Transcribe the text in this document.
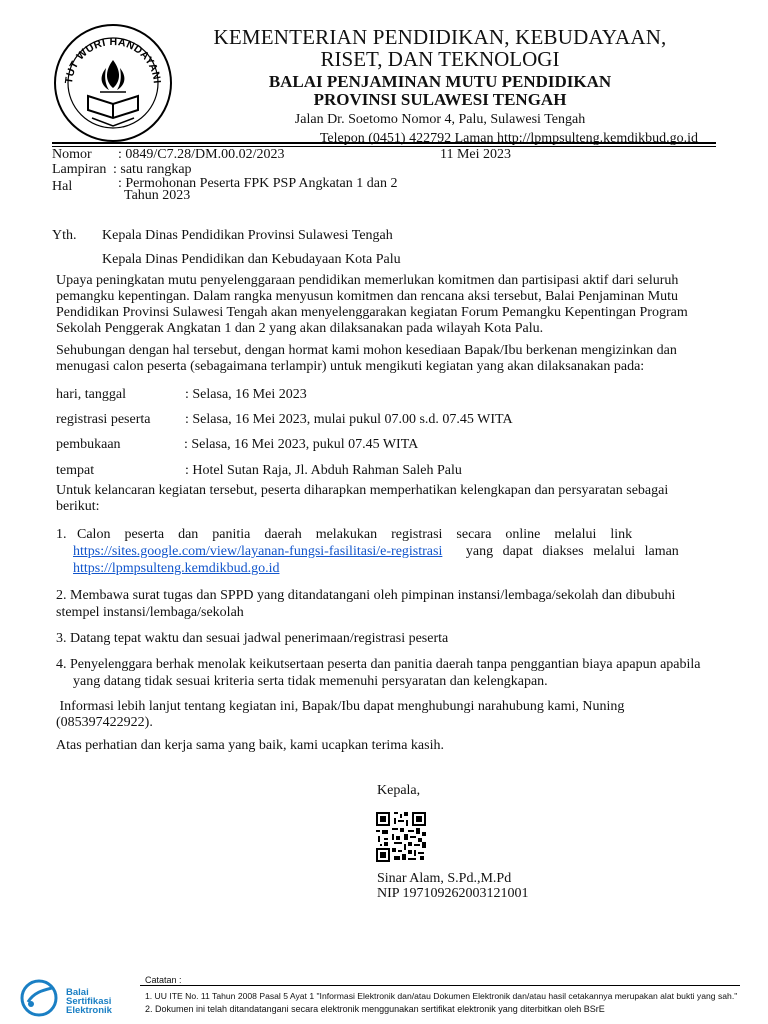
TUT WURI HANDAYANI
KEMENTERIAN PENDIDIKAN, KEBUDAYAAN,
RISET, DAN TEKNOLOGI
BALAI PENJAMINAN MUTU PENDIDIKAN
PROVINSI SULAWESI TENGAH
Jalan Dr. Soetomo Nomor 4, Palu, Sulawesi Tengah
Telepon (0451) 422792 Laman http://lpmpsulteng.kemdikbud.go.id
Nomor : 0849/C7.28/DM.00.02/2023	11 Mei 2023
Lampiran : satu rangkap
Hal	: Permohonan Peserta FPK PSP Angkatan 1 dan 2
Tahun 2023
Yth. Kepala Dinas Pendidikan Provinsi Sulawesi Tengah
Kepala Dinas Pendidikan dan Kebudayaan Kota Palu
Upaya peningkatan mutu penyelenggaraan pendidikan memerlukan komitmen dan partisipasi aktif dari seluruh
pemangku kepentingan. Dalam rangka menyusun komitmen dan rencana aksi tersebut, Balai Penjaminan Mutu
Pendidikan Provinsi Sulawesi Tengah akan menyelenggarakan kegiatan Forum Pemangku Kepentingan Program
Sekolah Penggerak Angkatan 1 dan 2 yang akan dilaksanakan pada wilayah Kota Palu.
Sehubungan dengan hal tersebut, dengan hormat kami mohon kesediaan Bapak/Ibu berkenan mengizinkan dan
menugasi calon peserta (sebagaimana terlampir) untuk mengikuti kegiatan yang akan dilaksanakan pada:
hari, tanggal	: Selasa, 16 Mei 2023
registrasi peserta : Selasa, 16 Mei 2023, mulai pukul 07.00 s.d. 07.45 WITA
pembukaan	: Selasa, 16 Mei 2023, pukul 07.45 WITA
tempat	: Hotel Sutan Raja, Jl. Abduh Rahman Saleh Palu
Untuk kelancaran kegiatan tersebut, peserta diharapkan memperhatikan kelengkapan dan persyaratan sebagai
berikut:
1.   Calon    peserta    dan    panitia    daerah    melakukan    registrasi    secara    online    melalui    link
https://sites.google.com/view/layanan-fungsi-fasilitasi/e-registrasi yang dapat diakses melalui laman
https://lpmpsulteng.kemdikbud.go.id
2. Membawa surat tugas dan SPPD yang ditandatangani oleh pimpinan instansi/lembaga/sekolah dan dibubuhi
stempel instansi/lembaga/sekolah
3. Datang tepat waktu dan sesuai jadwal penerimaan/registrasi peserta
4. Penyelenggara berhak menolak keikutsertaan peserta dan panitia daerah tanpa penggantian biaya apapun apabila
yang datang tidak sesuai kriteria serta tidak memenuhi persyaratan dan kelengkapan.
Informasi lebih lanjut tentang kegiatan ini, Bapak/Ibu dapat menghubungi narahubung kami, Nuning
(085397422922).
Atas perhatian dan kerja sama yang baik, kami ucapkan terima kasih.
Kepala,
Sinar Alam, S.Pd.,M.Pd
NIP 197109262003121001
Balai
Sertifikasi
Elektronik
Catatan :
1. UU ITE No. 11 Tahun 2008 Pasal 5 Ayat 1 "Informasi Elektronik dan/atau Dokumen Elektronik dan/atau hasil cetakannya merupakan alat bukti yang sah."
2. Dokumen ini telah ditandatangani secara elektronik menggunakan sertifikat elektronik yang diterbitkan oleh BSrE
